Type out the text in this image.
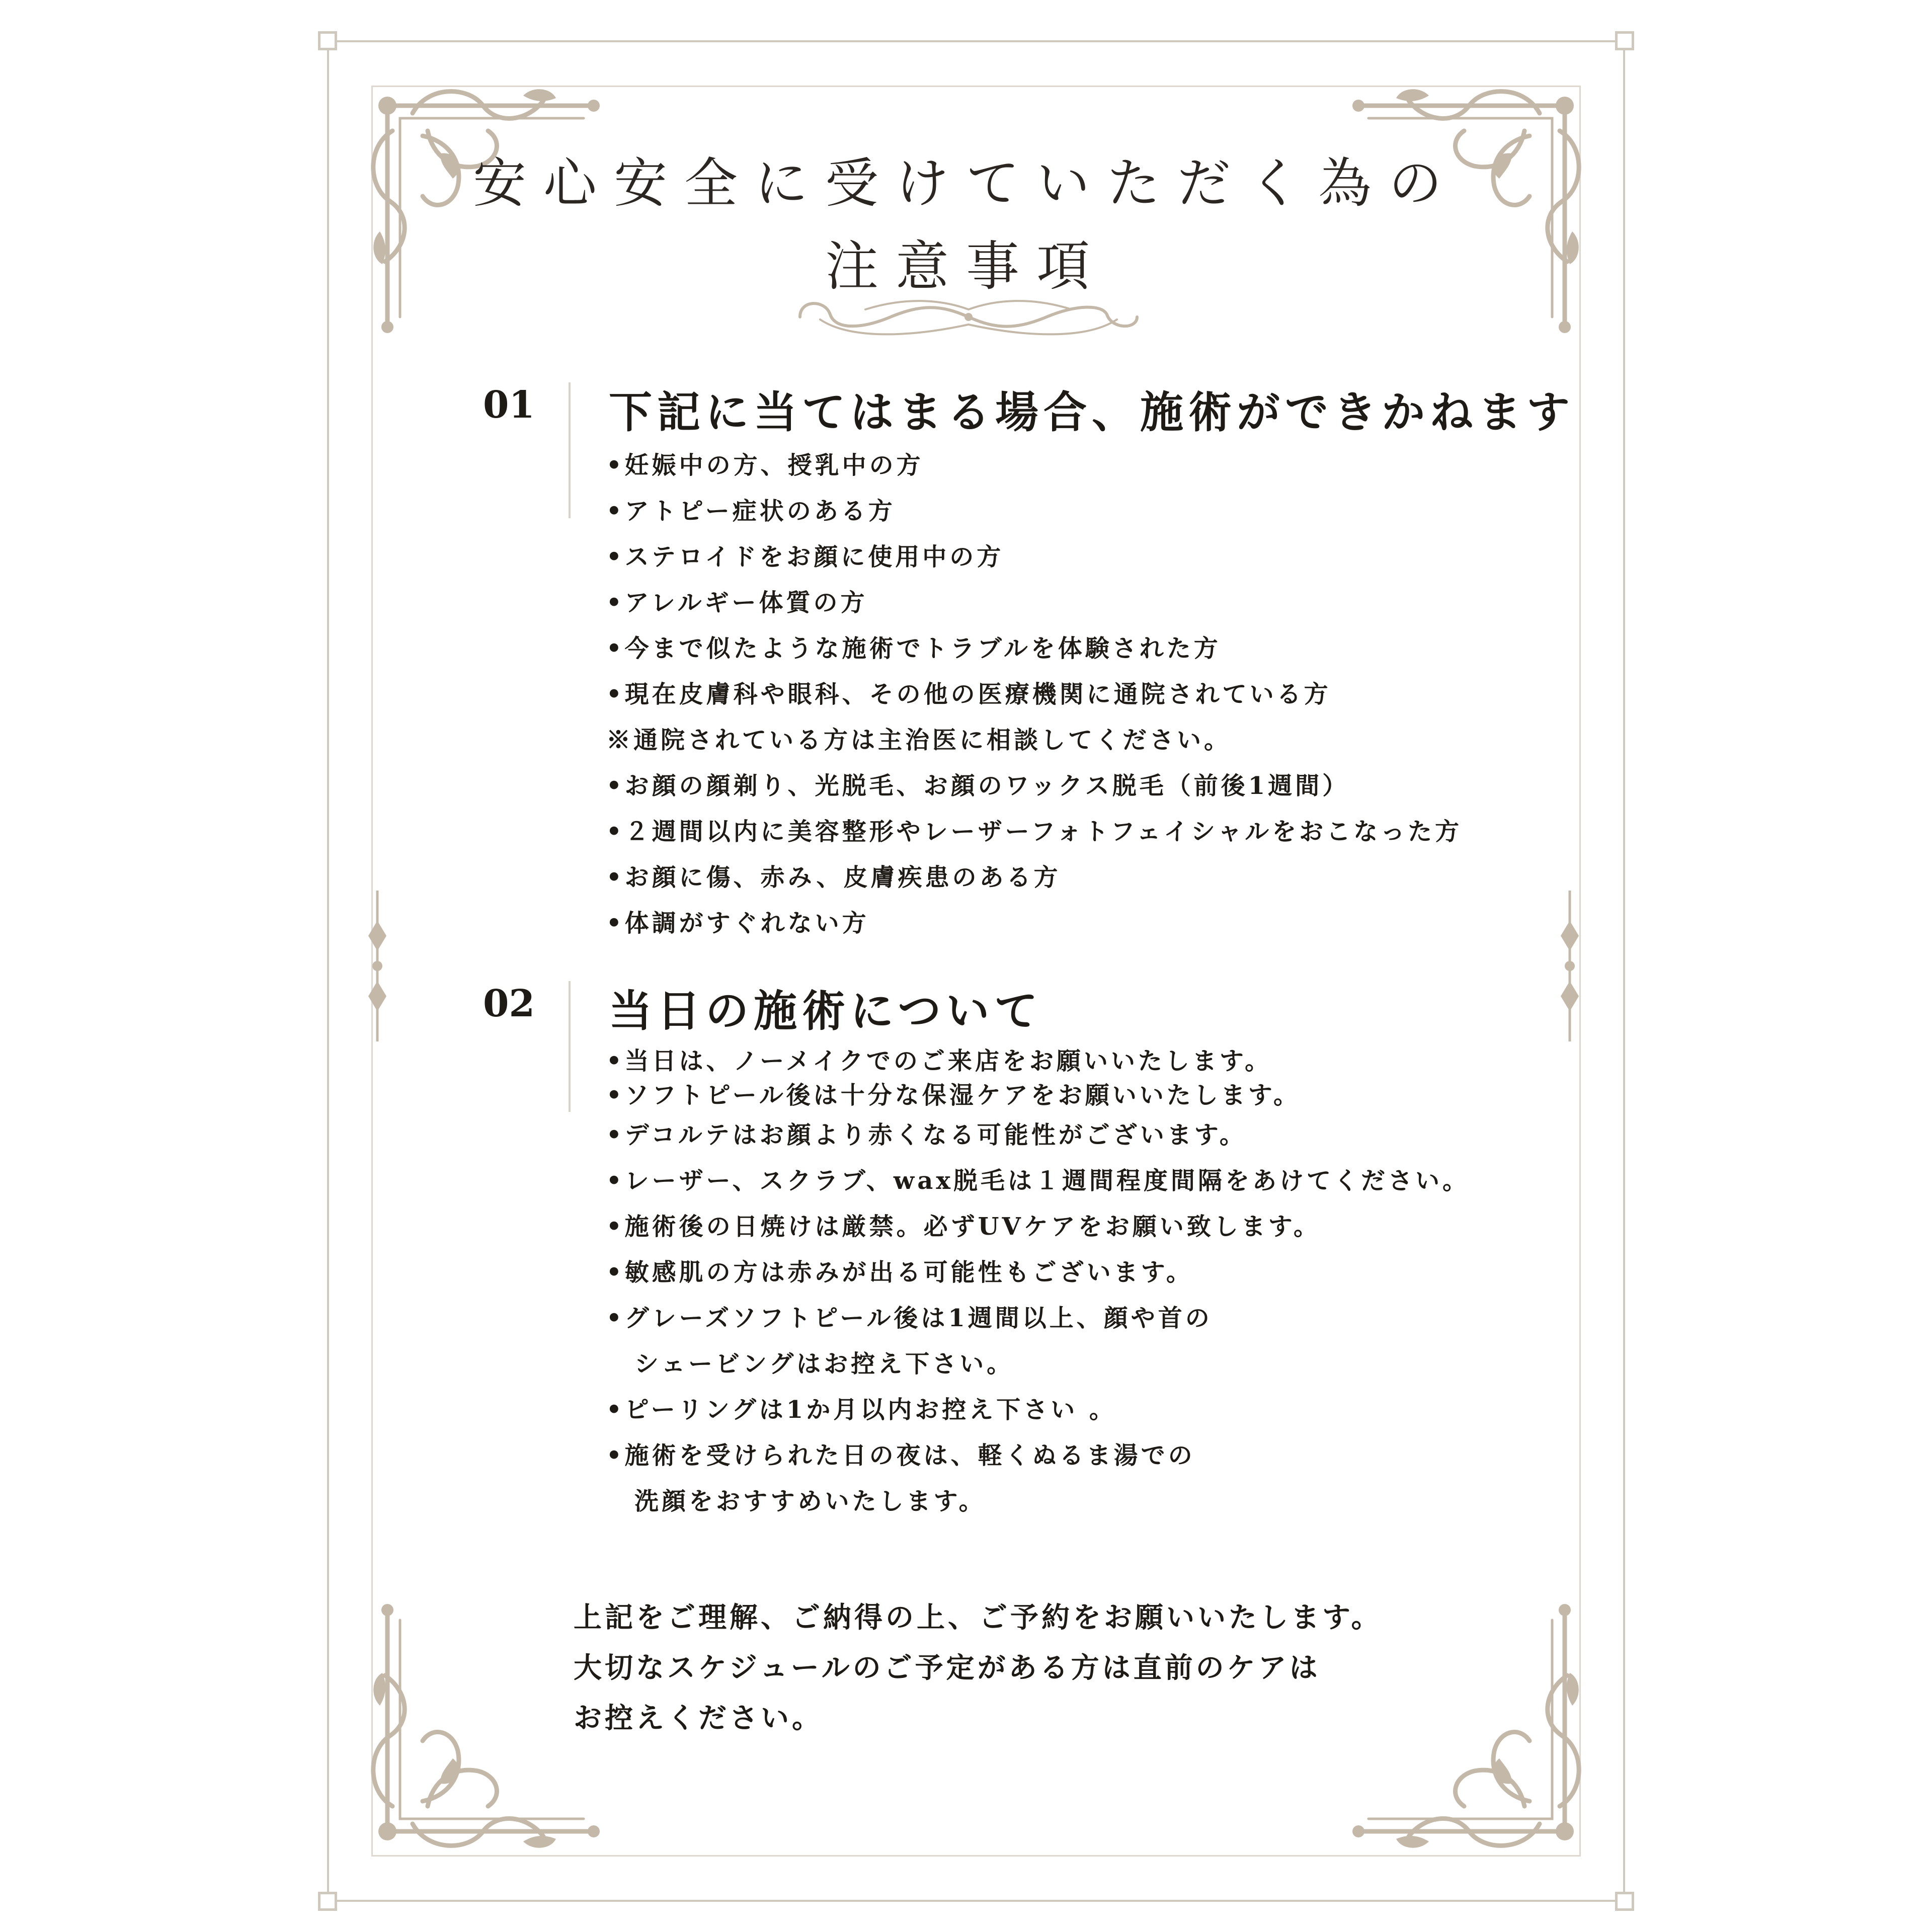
安心安全に受けていただく為の
注意事項
01 下記に当てはまる場合、施術ができかねます
•妊娠中の方、授乳中の方
•アトピー症状のある方
•ステロイドをお顔に使用中の方
•アレルギー体質の方
•今まで似たような施術でトラブルを体験された方
•現在皮膚科や眼科、その他の医療機関に通院されている方
※通院されている方は主治医に相談してください。
•お顔の顔剃り、光脱毛、お顔のワックス脱毛（前後1週間）
•２週間以内に美容整形やレーザーフォトフェイシャルをおこなった方
•お顔に傷、赤み、皮膚疾患のある方
•体調がすぐれない方
02 当日の施術について
•当日は、ノーメイクでのご来店をお願いいたします。
•ソフトピール後は十分な保湿ケアをお願いいたします。
•デコルテはお顔より赤くなる可能性がございます。
•レーザー、スクラブ、wax脱毛は１週間程度間隔をあけてください。
•施術後の日焼けは厳禁。必ずUVケアをお願い致します。
•敏感肌の方は赤みが出る可能性もございます。
•グレーズソフトピール後は1週間以上、顔や首の
シェービングはお控え下さい。
•ピーリングは1か月以内お控え下さい 。
•施術を受けられた日の夜は、軽くぬるま湯での
洗顔をおすすめいたします。
上記をご理解、ご納得の上、ご予約をお願いいたします。
大切なスケジュールのご予定がある方は直前のケアは
お控えください。
